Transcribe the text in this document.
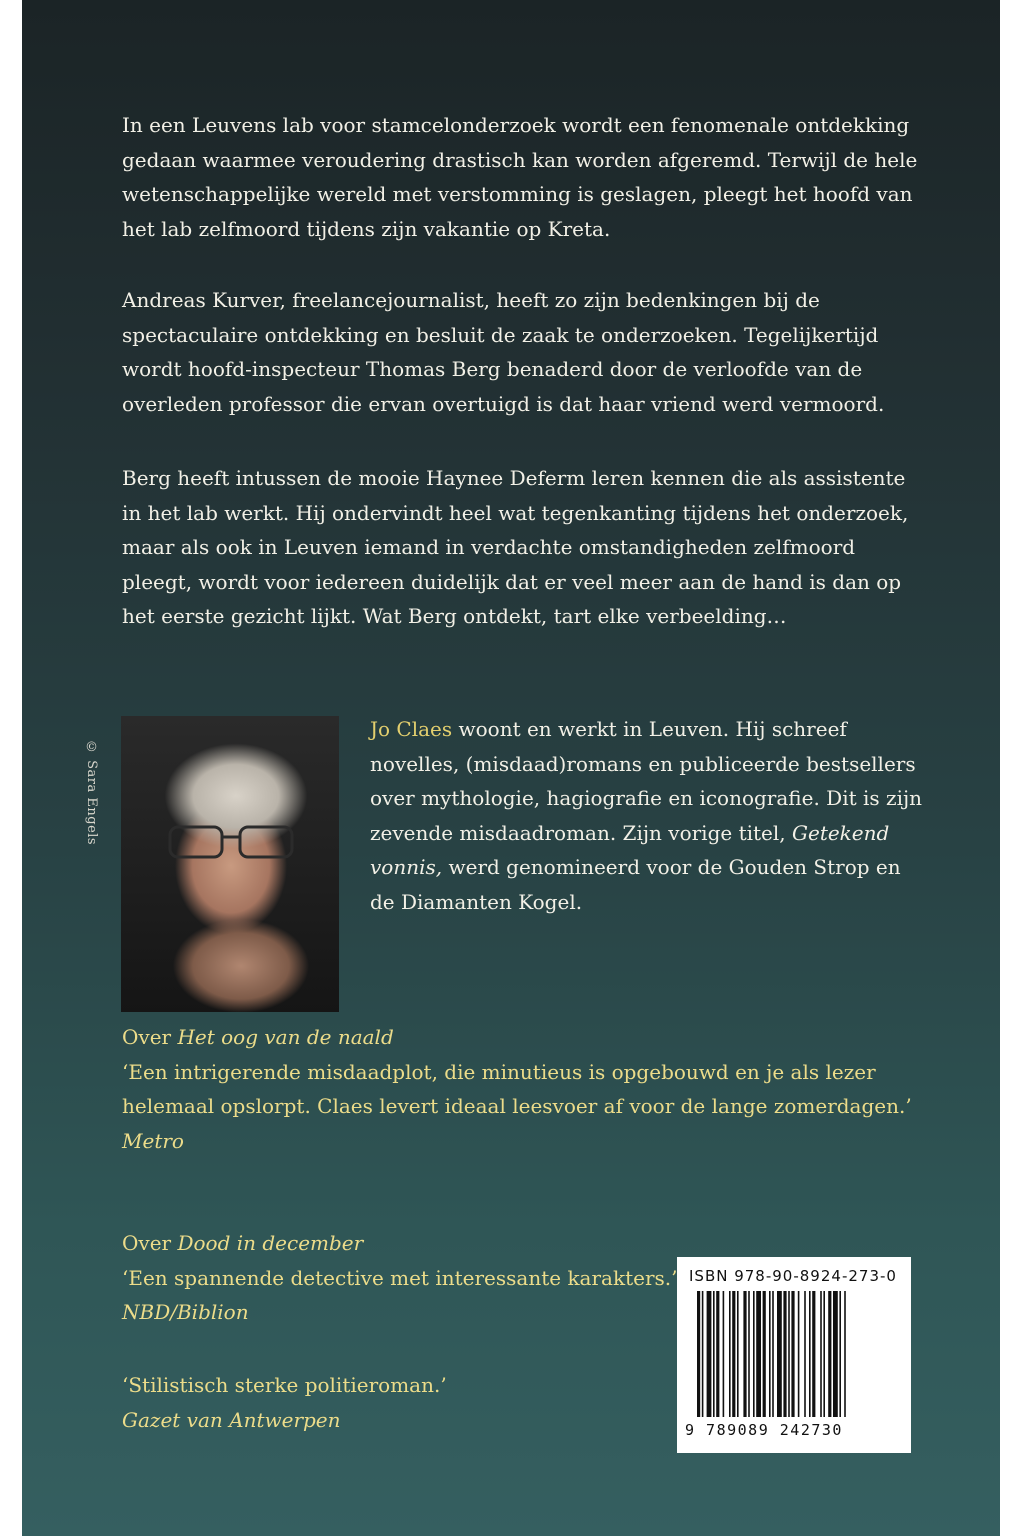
In een Leuvens lab voor stamcelonderzoek wordt een fenomenale ontdekking gedaan waarmee veroudering drastisch kan worden afgeremd. Terwijl de hele wetenschappelijke wereld met verstomming is geslagen, pleegt het hoofd van het lab zelfmoord tijdens zijn vakantie op Kreta.

Andreas Kurver, freelancejournalist, heeft zo zijn bedenkingen bij de spectaculaire ontdekking en besluit de zaak te onderzoeken. Tegelijkertijd wordt hoofd-inspecteur Thomas Berg benaderd door de verloofde van de overleden professor die ervan overtuigd is dat haar vriend werd vermoord.

Berg heeft intussen de mooie Haynee Deferm leren kennen die als assistente in het lab werkt. Hij ondervindt heel wat tegenkanting tijdens het onderzoek, maar als ook in Leuven iemand in verdachte omstandigheden zelfmoord pleegt, wordt voor iedereen duidelijk dat er veel meer aan de hand is dan op het eerste gezicht lijkt. Wat Berg ontdekt, tart elke verbeelding…

© Sara Engels

Jo Claes woont en werkt in Leuven. Hij schreef novelles, (misdaad)romans en publiceerde bestsellers over mythologie, hagiografie en iconografie. Dit is zijn zevende misdaadroman. Zijn vorige titel, Getekend vonnis, werd genomineerd voor de Gouden Strop en de Diamanten Kogel.

Over Het oog van de naald

‘Een intrigerende misdaadplot, die minutieus is opgebouwd en je als lezer helemaal opslorpt. Claes levert ideaal leesvoer af voor de lange zomerdagen.’

Metro

Over Dood in december

‘Een spannende detective met interessante karakters.’

NBD/Biblion

‘Stilistisch sterke politieroman.’

Gazet van Antwerpen

ISBN 978-90-8924-273-0
9 789089 242730
